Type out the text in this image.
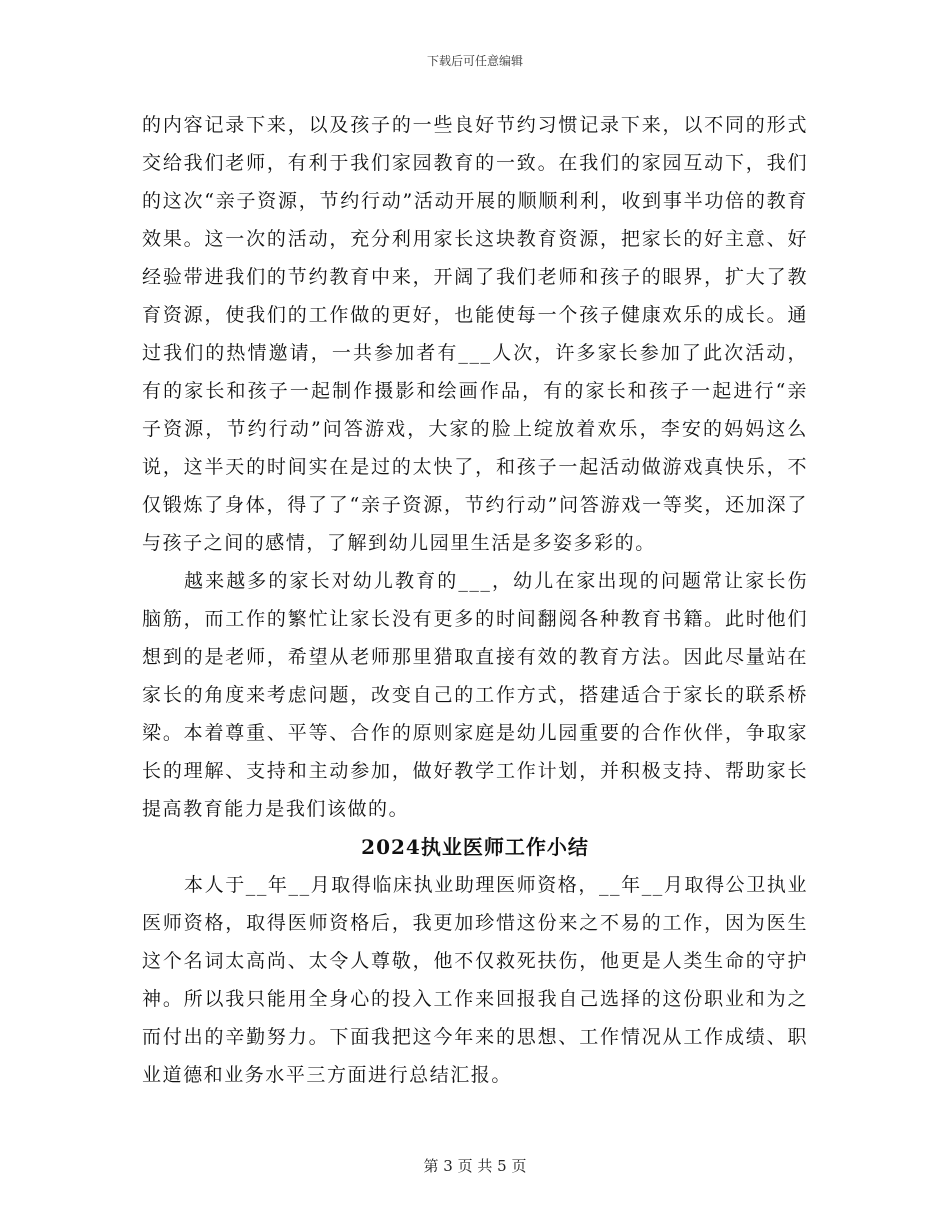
下载后可任意编辑

的内容记录下来，以及孩子的一些良好节约习惯记录下来，以不同的形式交给我们老师，有利于我们家园教育的一致。在我们的家园互动下，我们的这次“亲子资源，节约行动”活动开展的顺顺利利，收到事半功倍的教育效果。这一次的活动，充分利用家长这块教育资源，把家长的好主意、好经验带进我们的节约教育中来，开阔了我们老师和孩子的眼界，扩大了教育资源，使我们的工作做的更好，也能使每一个孩子健康欢乐的成长。通过我们的热情邀请，一共参加者有___人次，许多家长参加了此次活动，有的家长和孩子一起制作摄影和绘画作品，有的家长和孩子一起进行“亲子资源，节约行动”问答游戏，大家的脸上绽放着欢乐，李安的妈妈这么说，这半天的时间实在是过的太快了，和孩子一起活动做游戏真快乐，不仅锻炼了身体，得了了“亲子资源，节约行动”问答游戏一等奖，还加深了与孩子之间的感情，了解到幼儿园里生活是多姿多彩的。

越来越多的家长对幼儿教育的___，幼儿在家出现的问题常让家长伤脑筋，而工作的繁忙让家长没有更多的时间翻阅各种教育书籍。此时他们想到的是老师，希望从老师那里猎取直接有效的教育方法。因此尽量站在家长的角度来考虑问题，改变自己的工作方式，搭建适合于家长的联系桥梁。本着尊重、平等、合作的原则家庭是幼儿园重要的合作伙伴，争取家长的理解、支持和主动参加，做好教学工作计划，并积极支持、帮助家长提高教育能力是我们该做的。

2024执业医师工作小结

本人于__年__月取得临床执业助理医师资格，__年__月取得公卫执业医师资格，取得医师资格后，我更加珍惜这份来之不易的工作，因为医生这个名词太高尚、太令人尊敬，他不仅救死扶伤，他更是人类生命的守护神。所以我只能用全身心的投入工作来回报我自己选择的这份职业和为之而付出的辛勤努力。下面我把这今年来的思想、工作情况从工作成绩、职业道德和业务水平三方面进行总结汇报。

第 3 页 共 5 页
